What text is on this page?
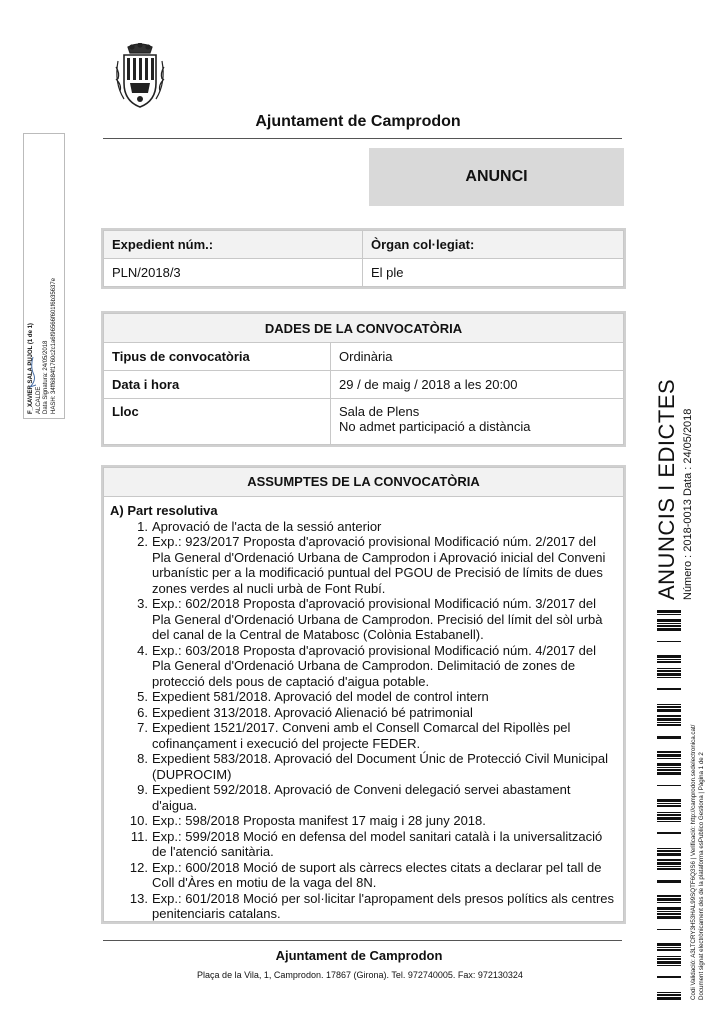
Ajuntament de Camprodon
ANUNCI
Expedient núm.:	Òrgan col·legiat:
PLN/2018/3	El ple
DADES DE LA CONVOCATÒRIA	
Tipus de convocatòria	Ordinària
Data i hora	29 / de maig / 2018 a les 20:00
Lloc	Sala de Plens
No admet participació a distància
ASSUMPTES DE LA CONVOCATÒRIA
A) Part resolutiva
1. Aprovació de l'acta de la sessió anterior
2. Exp.: 923/2017 Proposta d'aprovació provisional Modificació núm. 2/2017 del Pla General d'Ordenació Urbana de Camprodon i Aprovació inicial del Conveni urbanístic per a la modificació puntual del PGOU de Precisió de límits de dues zones verdes al nucli urbà de Font Rubí.
3. Exp.: 602/2018 Proposta d'aprovació provisional Modificació núm. 3/2017 del Pla General d'Ordenació Urbana de Camprodon. Precisió del límit del sòl urbà del canal de la Central de Matabosc (Colònia Estabanell).
4. Exp.: 603/2018 Proposta d'aprovació provisional Modificació núm. 4/2017 del Pla General d'Ordenació Urbana de Camprodon. Delimitació de zones de protecció dels pous de captació d'aigua potable.
5. Expedient 581/2018. Aprovació del model de control intern
6. Expedient 313/2018. Aprovació Alienació bé patrimonial
7. Expedient 1521/2017. Conveni amb el Consell Comarcal del Ripollès pel cofinançament i execució del projecte FEDER.
8. Expedient 583/2018. Aprovació del Document Únic de Protecció Civil Municipal (DUPROCIM)
9. Expedient 592/2018. Aprovació de Conveni delegació servei abastament d'aigua.
10. Exp.: 598/2018 Proposta manifest 17 maig i 28 juny 2018.
11. Exp.: 599/2018 Moció en defensa del model sanitari català i la universalització de l'atenció sanitària.
12. Exp.: 600/2018 Moció de suport als càrrecs electes citats a declarar pel tall de Coll d'Àres en motiu de la vaga del 8N.
13. Exp.: 601/2018 Moció per sol·licitar l'apropament dels presos polítics als centres penitenciaris catalans.
Ajuntament de Camprodon
Plaça de la Vila, 1, Camprodon. 17867 (Girona). Tel. 972740005. Fax: 972130324
F_XAVIER SALA PUJOL (1 de 1) ALCALDE Data Signatura: 24/05/2018 HASH: 34ff6884f1760c2c1a6f96566f601f6b35637e
ANUNCIS I EDICTES Número : 2018-0013 Data : 24/05/2018
Codi Validació: A3LTCRY3H53HAL99SQTF6Q3S6 | Verificació: http://camprodon.sedelectronica.cat/ Document signat electrònicament des de la plataforma esPublico Gestiona | Pàgina 1 de 2
